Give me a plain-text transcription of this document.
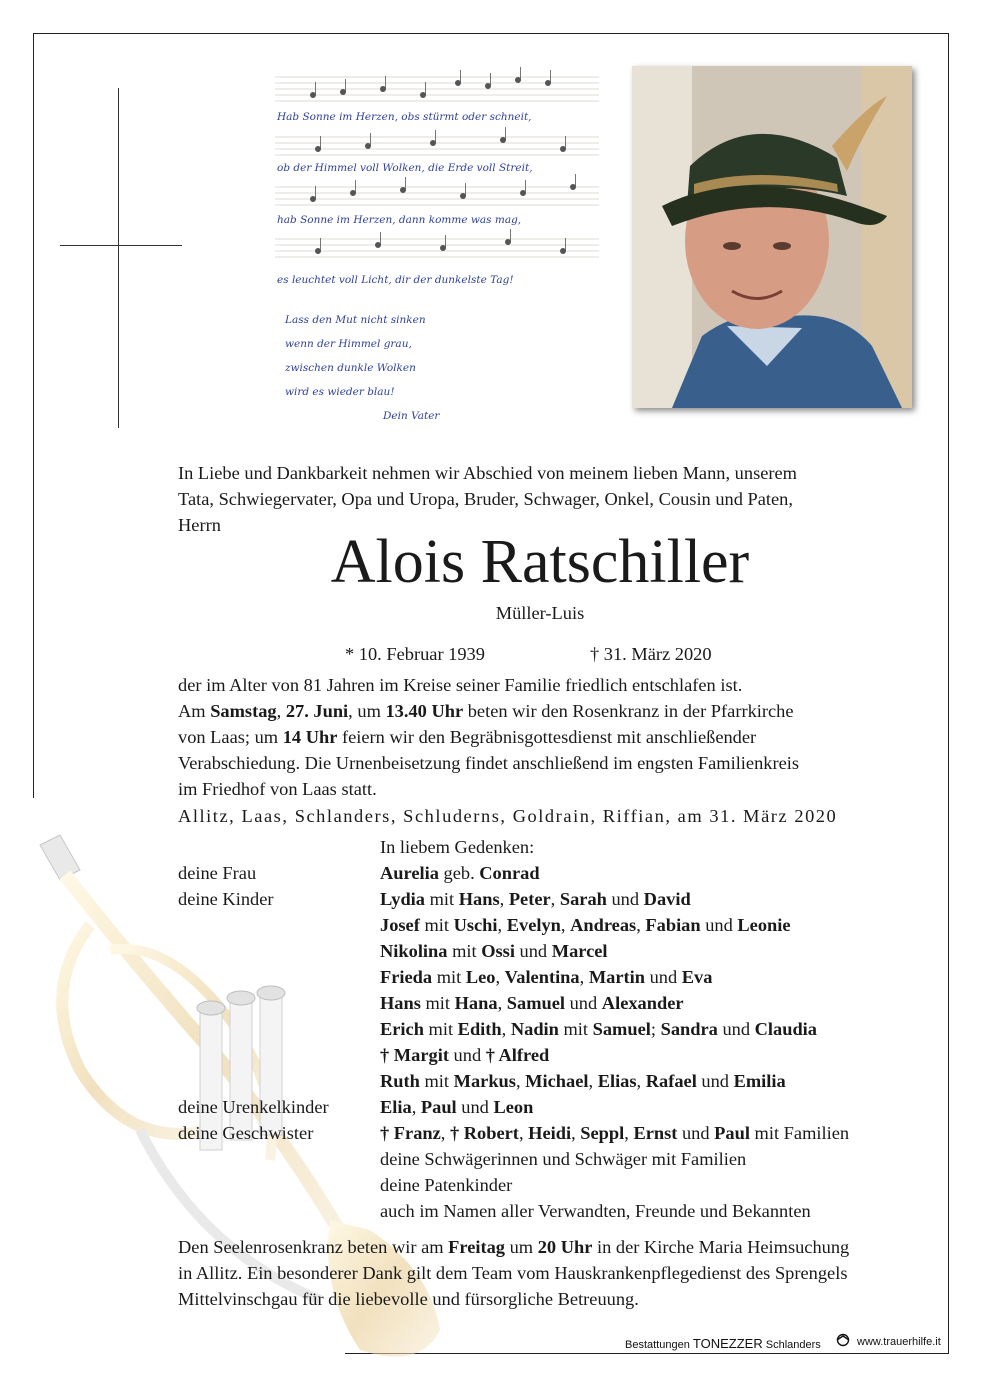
Hab Sonne im Herzen, obs stürmt oder schneit,
ob der Himmel voll Wolken, die Erde voll Streit,
hab Sonne im Herzen, dann komme was mag,
es leuchtet voll Licht, dir der dunkelste Tag!
Lass den Mut nicht sinken
wenn der Himmel grau,
zwischen dunkle Wolken
wird es wieder blau!
Dein Vater
In Liebe und Dankbarkeit nehmen wir Abschied von meinem lieben Mann, unserem
Tata, Schwiegervater, Opa und Uropa, Bruder, Schwager, Onkel, Cousin und Paten,
Herrn
Alois Ratschiller
Müller-Luis
* 10. Februar 1939	† 31. März 2020
der im Alter von 81 Jahren im Kreise seiner Familie friedlich entschlafen ist.
Am Samstag, 27. Juni, um 13.40 Uhr beten wir den Rosenkranz in der Pfarrkirche
von Laas; um 14 Uhr feiern wir den Begräbnisgottesdienst mit anschließender
Verabschiedung. Die Urnenbeisetzung findet anschließend im engsten Familienkreis
im Friedhof von Laas statt.
Allitz, Laas, Schlanders, Schluderns, Goldrain, Riffian, am 31. März 2020
In liebem Gedenken:
deine Frau	Aurelia geb. Conrad
deine Kinder	Lydia mit Hans, Peter, Sarah und David
Josef mit Uschi, Evelyn, Andreas, Fabian und Leonie
Nikolina mit Ossi und Marcel
Frieda mit Leo, Valentina, Martin und Eva
Hans mit Hana, Samuel und Alexander
Erich mit Edith, Nadin mit Samuel; Sandra und Claudia
† Margit und † Alfred
Ruth mit Markus, Michael, Elias, Rafael und Emilia
deine Urenkelkinder	Elia, Paul und Leon
deine Geschwister	† Franz, † Robert, Heidi, Seppl, Ernst und Paul mit Familien
deine Schwägerinnen und Schwäger mit Familien
deine Patenkinder
auch im Namen aller Verwandten, Freunde und Bekannten
Den Seelenrosenkranz beten wir am Freitag um 20 Uhr in der Kirche Maria Heimsuchung
in Allitz. Ein besonderer Dank gilt dem Team vom Hauskrankenpflegedienst des Sprengels
Mittelvinschgau für die liebevolle und fürsorgliche Betreuung.
Bestattungen TONEZZER Schlanders	www.trauerhilfe.it
